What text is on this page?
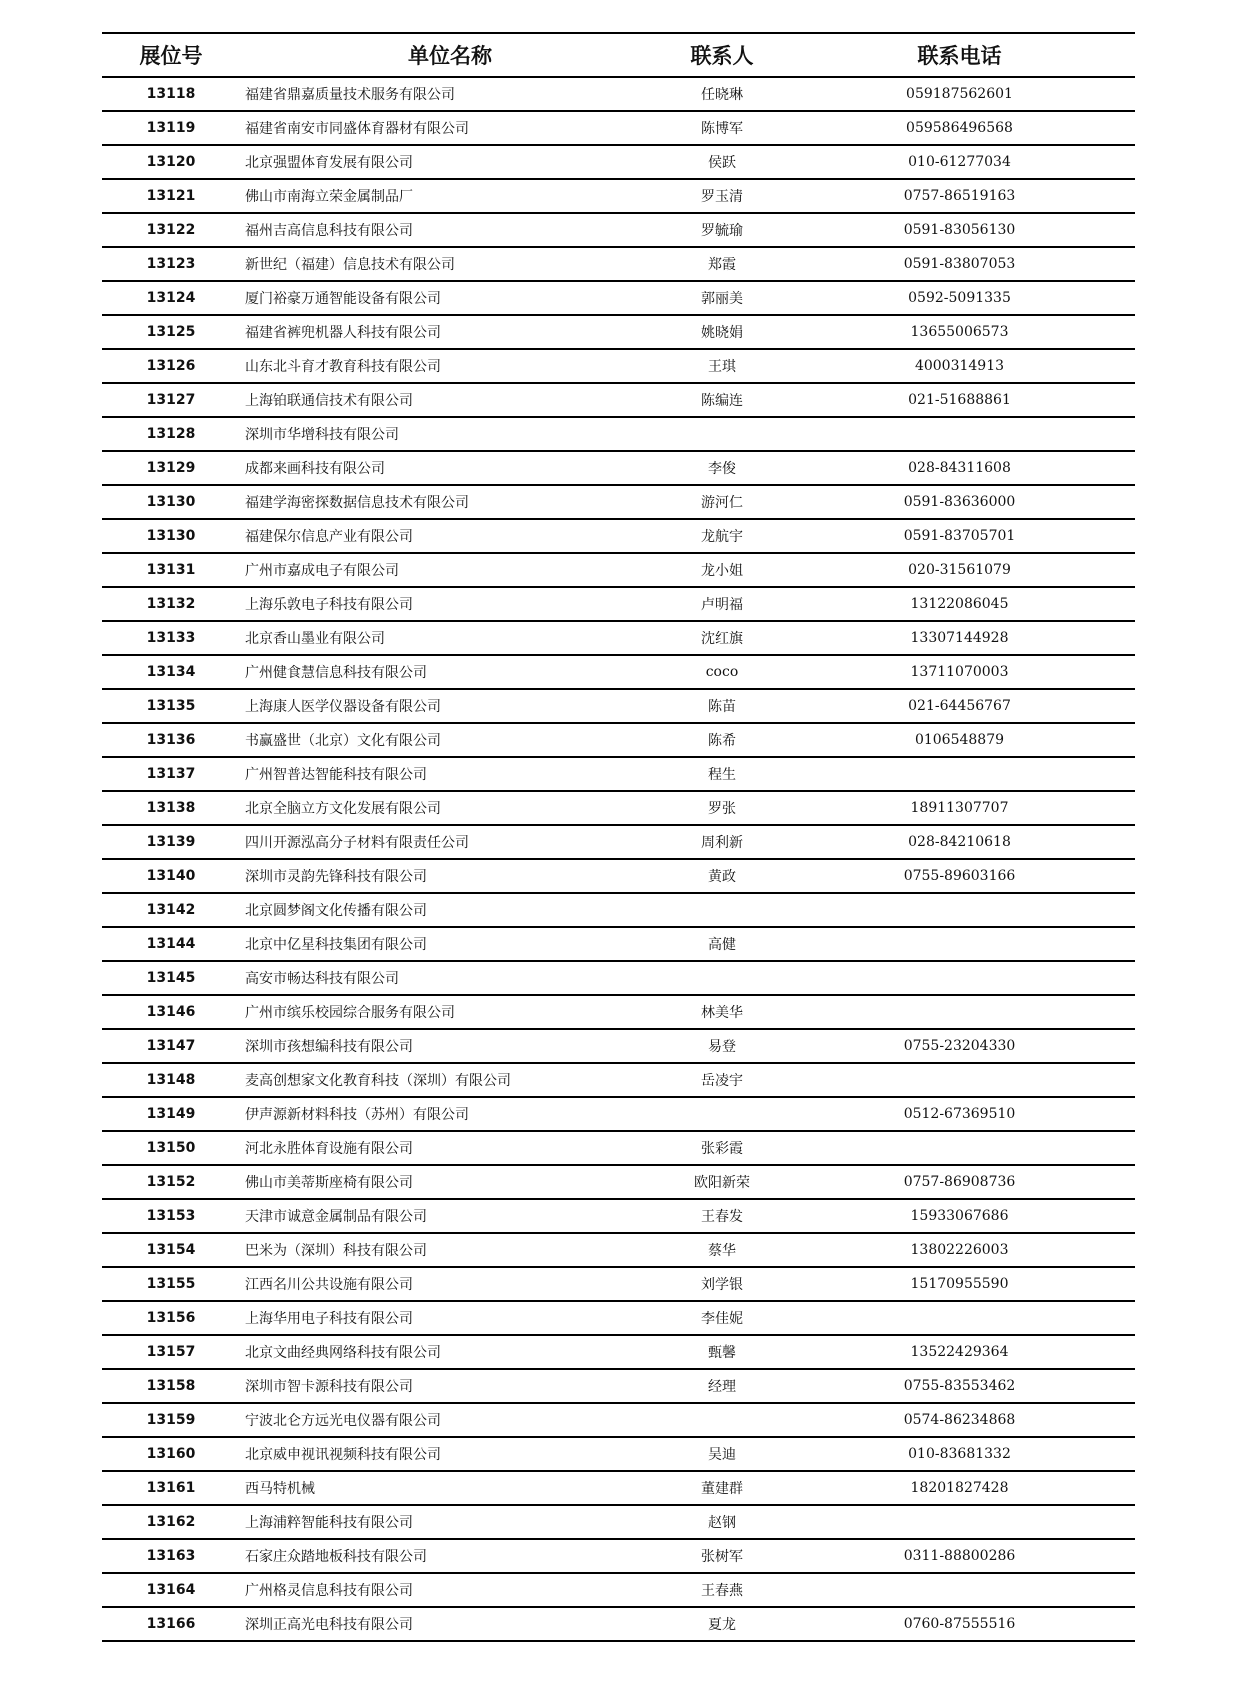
展位号	单位名称	联系人	联系电话
13118	福建省鼎嘉质量技术服务有限公司	任晓琳	059187562601
13119	福建省南安市同盛体育器材有限公司	陈博军	059586496568
13120	北京强盟体育发展有限公司	侯跃	010-61277034
13121	佛山市南海立荣金属制品厂	罗玉清	0757-86519163
13122	福州吉高信息科技有限公司	罗毓瑜	0591-83056130
13123	新世纪（福建）信息技术有限公司	郑霞	0591-83807053
13124	厦门裕豪万通智能设备有限公司	郭丽美	0592-5091335
13125	福建省裤兜机器人科技有限公司	姚晓娟	13655006573
13126	山东北斗育才教育科技有限公司	王琪	4000314913
13127	上海铂联通信技术有限公司	陈编连	021-51688861
13128	深圳市华增科技有限公司		
13129	成都来画科技有限公司	李俊	028-84311608
13130	福建学海密探数据信息技术有限公司	游河仁	0591-83636000
13130	福建保尔信息产业有限公司	龙航宇	0591-83705701
13131	广州市嘉成电子有限公司	龙小姐	020-31561079
13132	上海乐敦电子科技有限公司	卢明福	13122086045
13133	北京香山墨业有限公司	沈红旗	13307144928
13134	广州健食慧信息科技有限公司	coco	13711070003
13135	上海康人医学仪器设备有限公司	陈苗	021-64456767
13136	书赢盛世（北京）文化有限公司	陈希	0106548879
13137	广州智普达智能科技有限公司	程生	
13138	北京全脑立方文化发展有限公司	罗张	18911307707
13139	四川开源泓高分子材料有限责任公司	周利新	028-84210618
13140	深圳市灵韵先锋科技有限公司	黄政	0755-89603166
13142	北京圆梦阁文化传播有限公司		
13144	北京中亿星科技集团有限公司	高健	
13145	高安市畅达科技有限公司		
13146	广州市缤乐校园综合服务有限公司	林美华	
13147	深圳市孩想编科技有限公司	易登	0755-23204330
13148	麦高创想家文化教育科技（深圳）有限公司	岳凌宇	
13149	伊声源新材料科技（苏州）有限公司		0512-67369510
13150	河北永胜体育设施有限公司	张彩霞	
13152	佛山市美蒂斯座椅有限公司	欧阳新荣	0757-86908736
13153	天津市诚意金属制品有限公司	王春发	15933067686
13154	巴米为（深圳）科技有限公司	蔡华	13802226003
13155	江西名川公共设施有限公司	刘学银	15170955590
13156	上海华用电子科技有限公司	李佳妮	
13157	北京文曲经典网络科技有限公司	甄馨	13522429364
13158	深圳市智卡源科技有限公司	经理	0755-83553462
13159	宁波北仑方远光电仪器有限公司		0574-86234868
13160	北京威申视讯视频科技有限公司	吴迪	010-83681332
13161	西马特机械	董建群	18201827428
13162	上海浦粹智能科技有限公司	赵钢	
13163	石家庄众踏地板科技有限公司	张树军	0311-88800286
13164	广州格灵信息科技有限公司	王春燕	
13166	深圳正高光电科技有限公司	夏龙	0760-87555516
